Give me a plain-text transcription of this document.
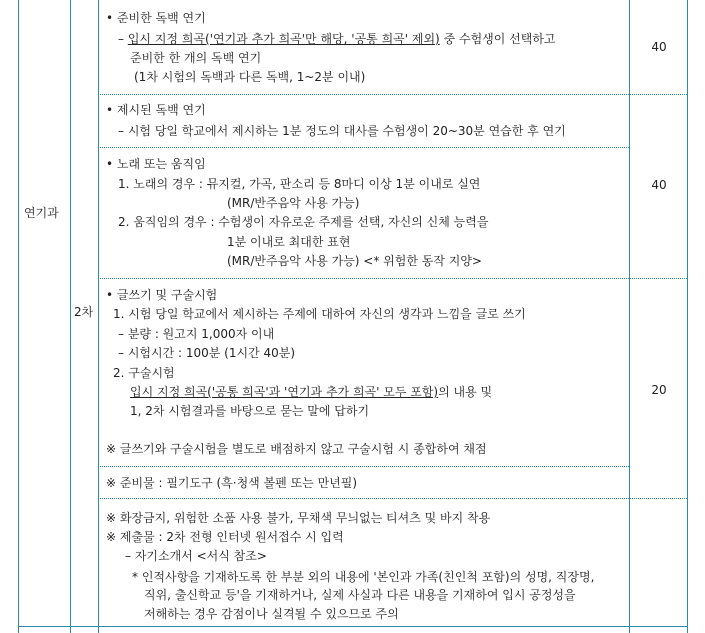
연기과
2차
• 준비한 독백 연기
– 입시 지정 희곡('연기과 추가 희곡'만 해당, '공통 희곡' 제외) 중 수험생이 선택하고
준비한 한 개의 독백 연기
(1차 시험의 독백과 다른 독백, 1~2분 이내)
40
• 제시된 독백 연기
– 시험 당일 학교에서 제시하는 1분 정도의 대사를 수험생이 20~30분 연습한 후 연기
• 노래 또는 움직임
1. 노래의 경우 : 뮤지컬, 가곡, 판소리 등 8마디 이상 1분 이내로 실연
(MR/반주음악 사용 가능)
2. 움직임의 경우 : 수험생이 자유로운 주제를 선택, 자신의 신체 능력을
1분 이내로 최대한 표현
(MR/반주음악 사용 가능) <* 위험한 동작 지양>
40
• 글쓰기 및 구술시험
1. 시험 당일 학교에서 제시하는 주제에 대하여 자신의 생각과 느낌을 글로 쓰기
– 분량 : 원고지 1,000자 이내
– 시험시간 : 100분 (1시간 40분)
2. 구술시험
입시 지정 희곡('공통 희곡'과 '연기과 추가 희곡' 모두 포함)의 내용 및
1, 2차 시험결과를 바탕으로 묻는 말에 답하기
※ 글쓰기와 구술시험을 별도로 배점하지 않고 구술시험 시 종합하여 채점
20
※ 준비물 : 필기도구 (흑·청색 볼펜 또는 만년필)
※ 화장금지, 위험한 소품 사용 불가, 무채색 무늬없는 티셔츠 및 바지 착용
※ 제출물 : 2차 전형 인터넷 원서접수 시 입력
– 자기소개서 <서식 참조>
* 인적사항을 기재하도록 한 부분 외의 내용에 '본인과 가족(친인척 포함)의 성명, 직장명,
직위, 출신학교 등'을 기재하거나, 실제 사실과 다른 내용을 기재하여 입시 공정성을
저해하는 경우 감점이나 실격될 수 있으므로 주의
